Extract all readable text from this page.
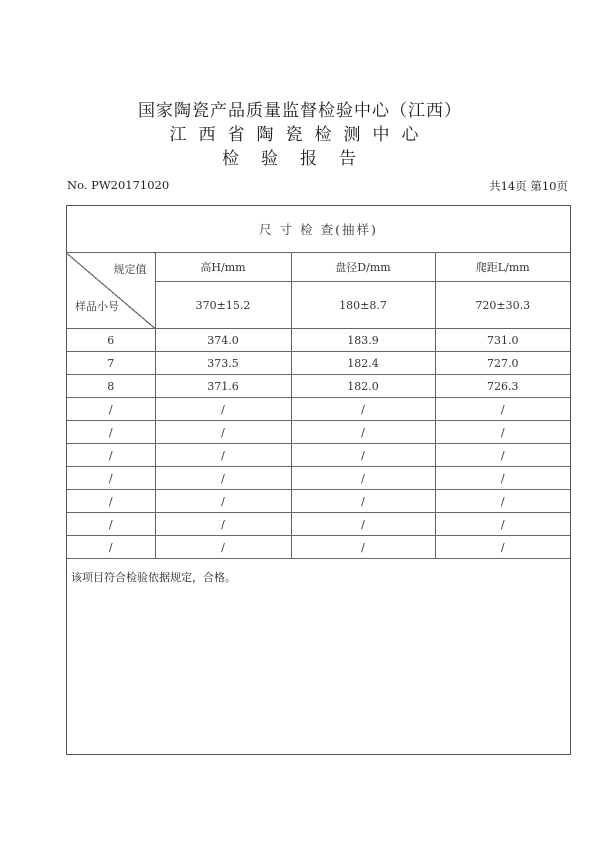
国家陶瓷产品质量监督检验中心（江西）
江西省陶瓷检测中心
检验报告
No. PW20171020	共14页 第10页
尺 寸 检 查(抽样)			

规定值
样品小号	高H/mm	盘径D/mm	爬距L/mm
	370±15.2	180±8.7	720±30.3
6	374.0	183.9	731.0
7	373.5	182.4	727.0
8	371.6	182.0	726.3
/	/	/	/
/	/	/	/
/	/	/	/
/	/	/	/
/	/	/	/
/	/	/	/
/	/	/	/
该项目符合检验依据规定，合格。
